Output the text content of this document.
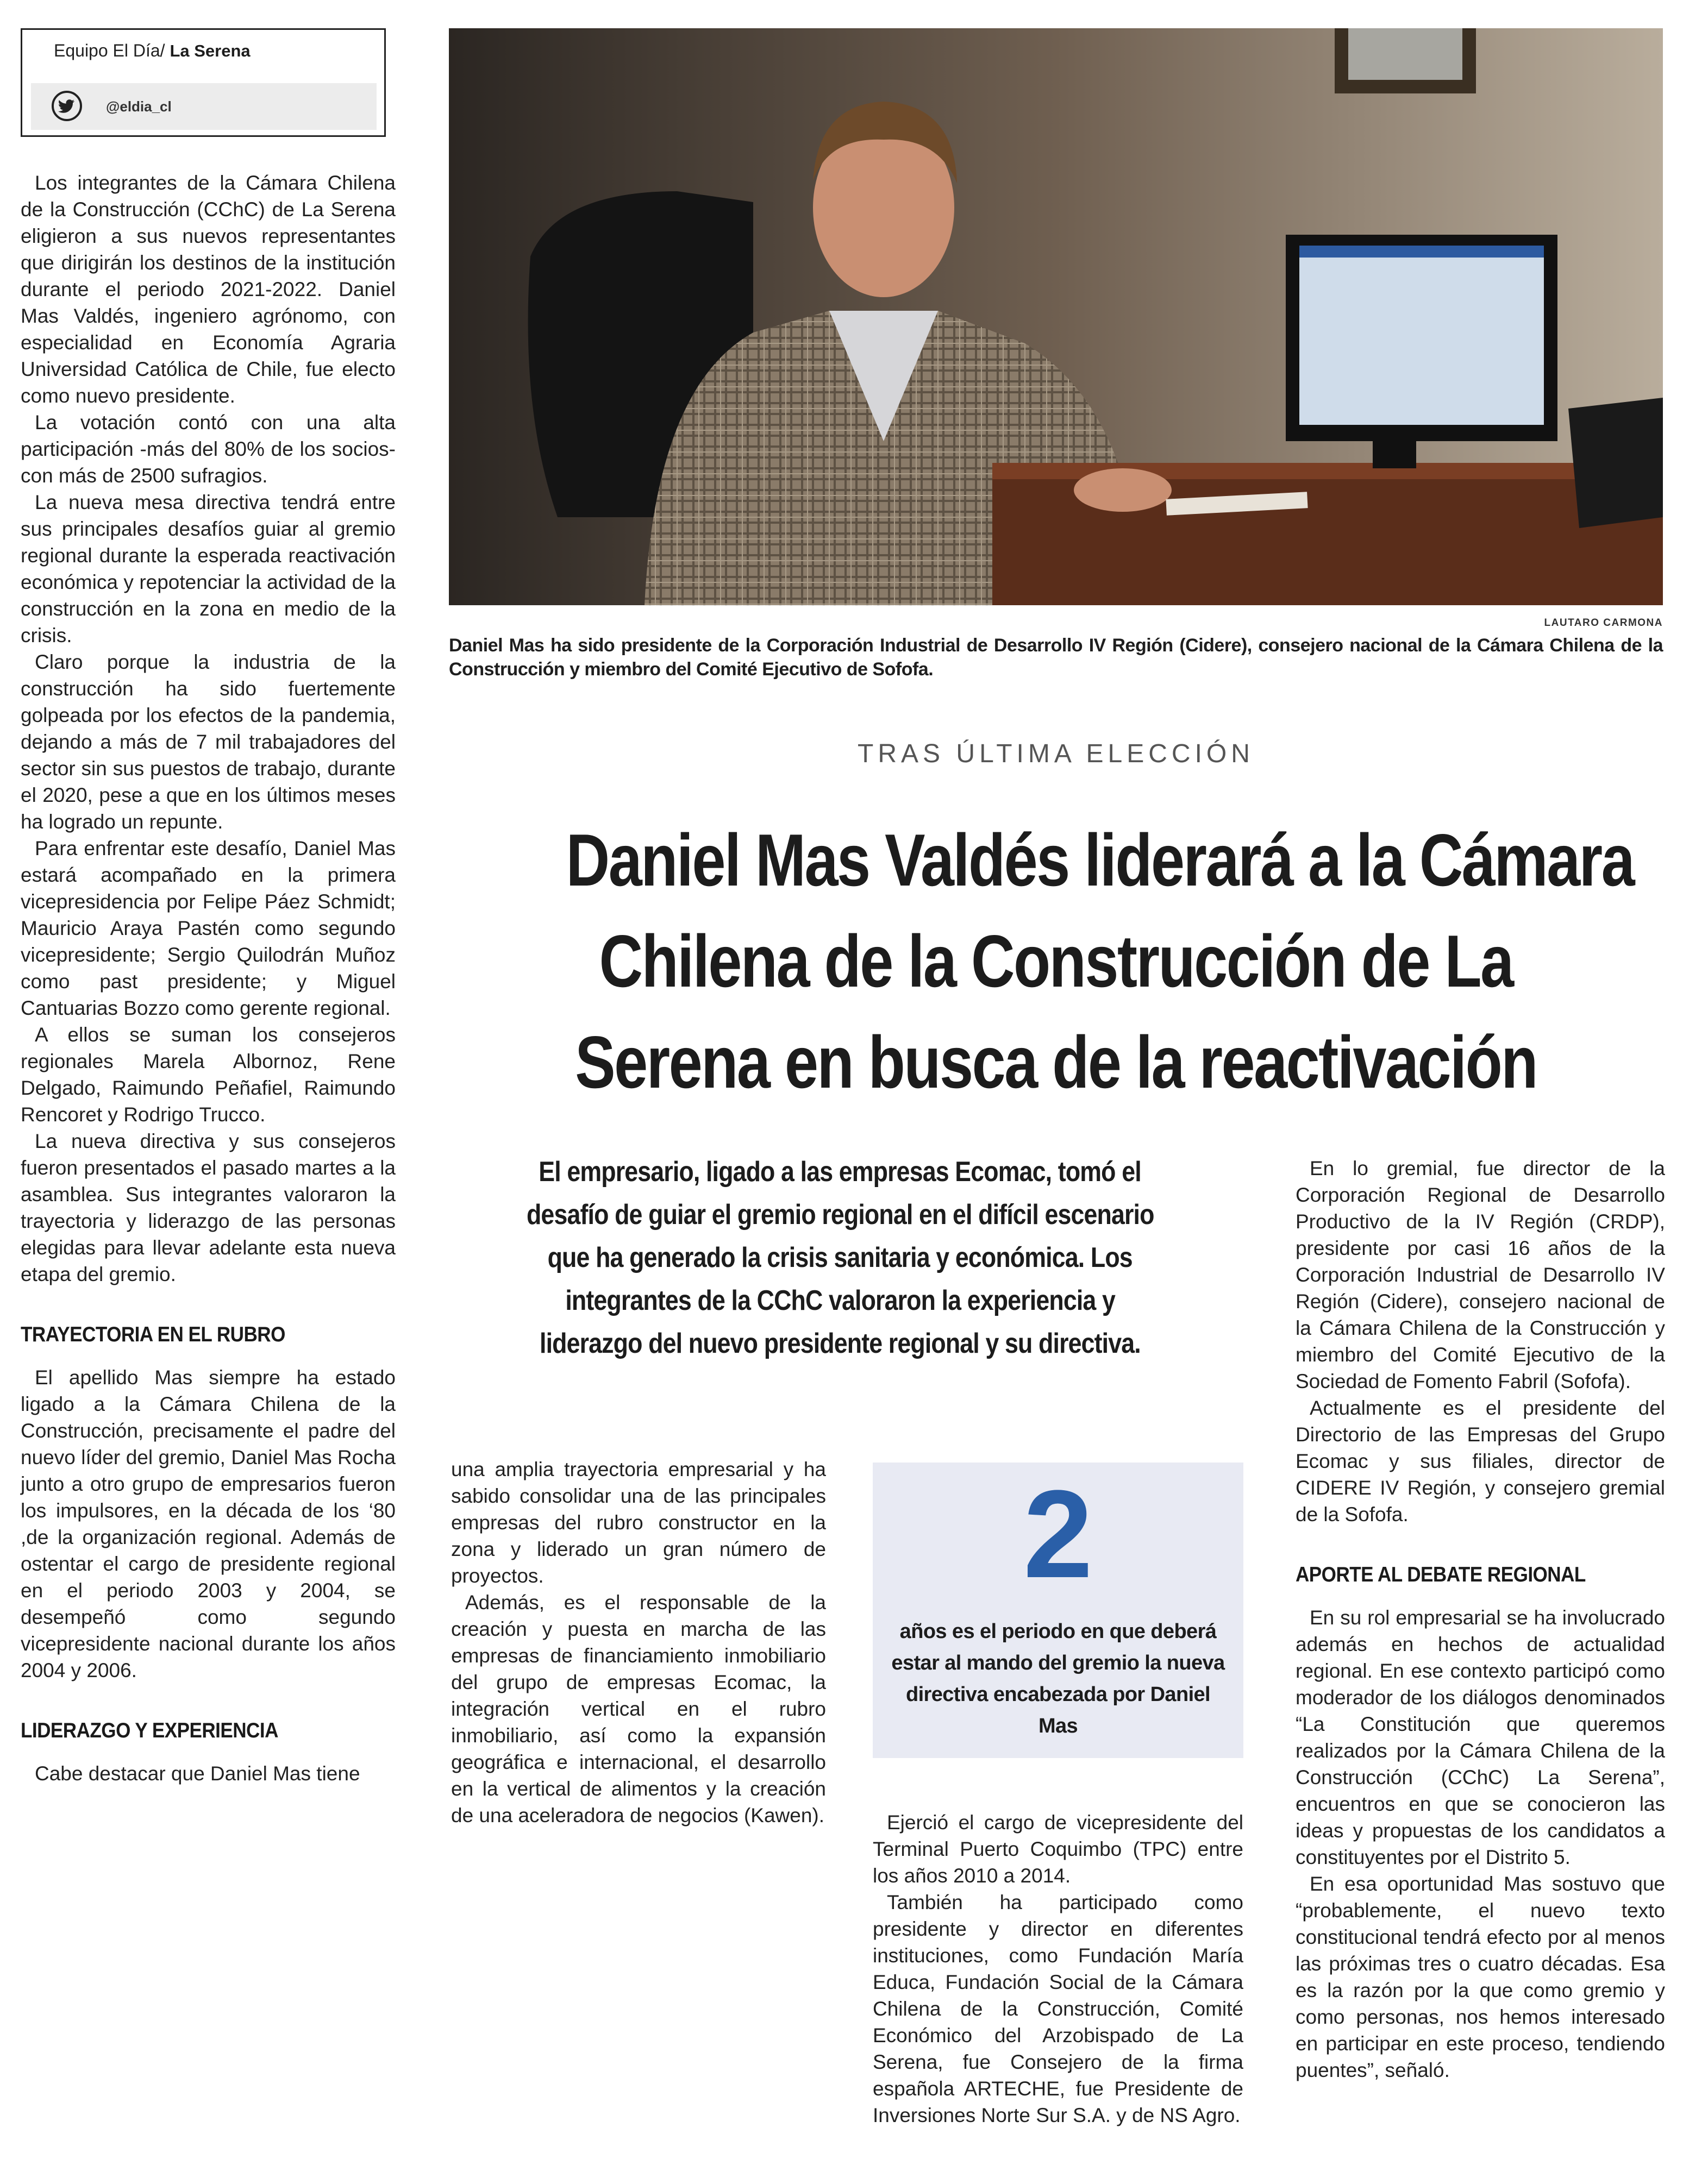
Equipo El Día/ La Serena
@eldia_cl

Los integrantes de la Cámara Chilena de la Construcción (CChC) de La Serena eligieron a sus nuevos representantes que dirigirán los destinos de la institución durante el periodo 2021-2022. Daniel Mas Valdés, ingeniero agrónomo, con especialidad en Economía Agraria Universidad Católica de Chile, fue electo como nuevo presidente.

La votación contó con una alta participación -más del 80% de los socios- con más de 2500 sufragios.

La nueva mesa directiva tendrá entre sus principales desafíos guiar al gremio regional durante la esperada reactivación económica y repotenciar la actividad de la construcción en la zona en medio de la crisis.

Claro porque la industria de la construcción ha sido fuertemente golpeada por los efectos de la pandemia, dejando a más de 7 mil trabajadores del sector sin sus puestos de trabajo, durante el 2020, pese a que en los últimos meses ha logrado un repunte.

Para enfrentar este desafío, Daniel Mas estará acompañado en la primera vicepresidencia por Felipe Páez Schmidt; Mauricio Araya Pastén como segundo vicepresidente; Sergio Quilodrán Muñoz como past presidente; y Miguel Cantuarias Bozzo como gerente regional.

A ellos se suman los consejeros regionales Marela Albornoz, Rene Delgado, Raimundo Peñafiel, Raimundo Rencoret y Rodrigo Trucco.

La nueva directiva y sus consejeros fueron presentados el pasado martes a la asamblea. Sus integrantes valoraron la trayectoria y liderazgo de las personas elegidas para llevar adelante esta nueva etapa del gremio.

TRAYECTORIA EN EL RUBRO

El apellido Mas siempre ha estado ligado a la Cámara Chilena de la Construcción, precisamente el padre del nuevo líder del gremio, Daniel Mas Rocha junto a otro grupo de empresarios fueron los impulsores, en la década de los ‘80 ,de la organización regional. Además de ostentar el cargo de presidente regional en el periodo 2003 y 2004, se desempeñó como segundo vicepresidente nacional durante los años 2004 y 2006.

LIDERAZGO Y EXPERIENCIA

Cabe destacar que Daniel Mas tiene

LAUTARO CARMONA
Daniel Mas ha sido presidente de la Corporación Industrial de Desarrollo IV Región (Cidere), consejero nacional de la Cámara Chilena de la Construcción y miembro del Comité Ejecutivo de Sofofa.
TRAS ÚLTIMA ELECCIÓN
Daniel Mas Valdés liderará a la Cámara
Chilena de la Construcción de La
Serena en busca de la reactivación
El empresario, ligado a las empresas Ecomac, tomó el
desafío de guiar el gremio regional en el difícil escenario
que ha generado la crisis sanitaria y económica. Los
integrantes de la CChC valoraron la experiencia y
liderazgo del nuevo presidente regional y su directiva.

una amplia trayectoria empresarial y ha sabido consolidar una de las principales empresas del rubro constructor en la zona y liderado un gran número de proyectos.

Además, es el responsable de la creación y puesta en marcha de las empresas de financiamiento inmobiliario del grupo de empresas Ecomac, la integración vertical en el rubro inmobiliario, así como la expansión geográfica e internacional, el desarrollo en la vertical de alimentos y la creación de una aceleradora de negocios (Kawen).

2
años es el periodo en que deberá estar al mando del gremio la nueva directiva encabezada por Daniel Mas

Ejerció el cargo de vicepresidente del Terminal Puerto Coquimbo (TPC) entre los años 2010 a 2014.

También ha participado como presidente y director en diferentes instituciones, como Fundación María Educa, Fundación Social de la Cámara Chilena de la Construcción, Comité Económico del Arzobispado de La Serena, fue Consejero de la firma española ARTECHE, fue Presidente de Inversiones Norte Sur S.A. y de NS Agro.

En lo gremial, fue director de la Corporación Regional de Desarrollo Productivo de la IV Región (CRDP), presidente por casi 16 años de la Corporación Industrial de Desarrollo IV Región (Cidere), consejero nacional de la Cámara Chilena de la Construcción y miembro del Comité Ejecutivo de la Sociedad de Fomento Fabril (Sofofa).

Actualmente es el presidente del Directorio de las Empresas del Grupo Ecomac y sus filiales, director de CIDERE IV Región, y consejero gremial de la Sofofa.

APORTE AL DEBATE REGIONAL

En su rol empresarial se ha involucrado además en hechos de actualidad regional. En ese contexto participó como moderador de los diálogos denominados “La Constitución que queremos realizados por la Cámara Chilena de la Construcción (CChC) La Serena”, encuentros en que se conocieron las ideas y propuestas de los candidatos a constituyentes por el Distrito 5.

En esa oportunidad Mas sostuvo que “probablemente, el nuevo texto constitucional tendrá efecto por al menos las próximas tres o cuatro décadas. Esa es la razón por la que como gremio y como personas, nos hemos interesado en participar en este proceso, tendiendo puentes”, señaló.
